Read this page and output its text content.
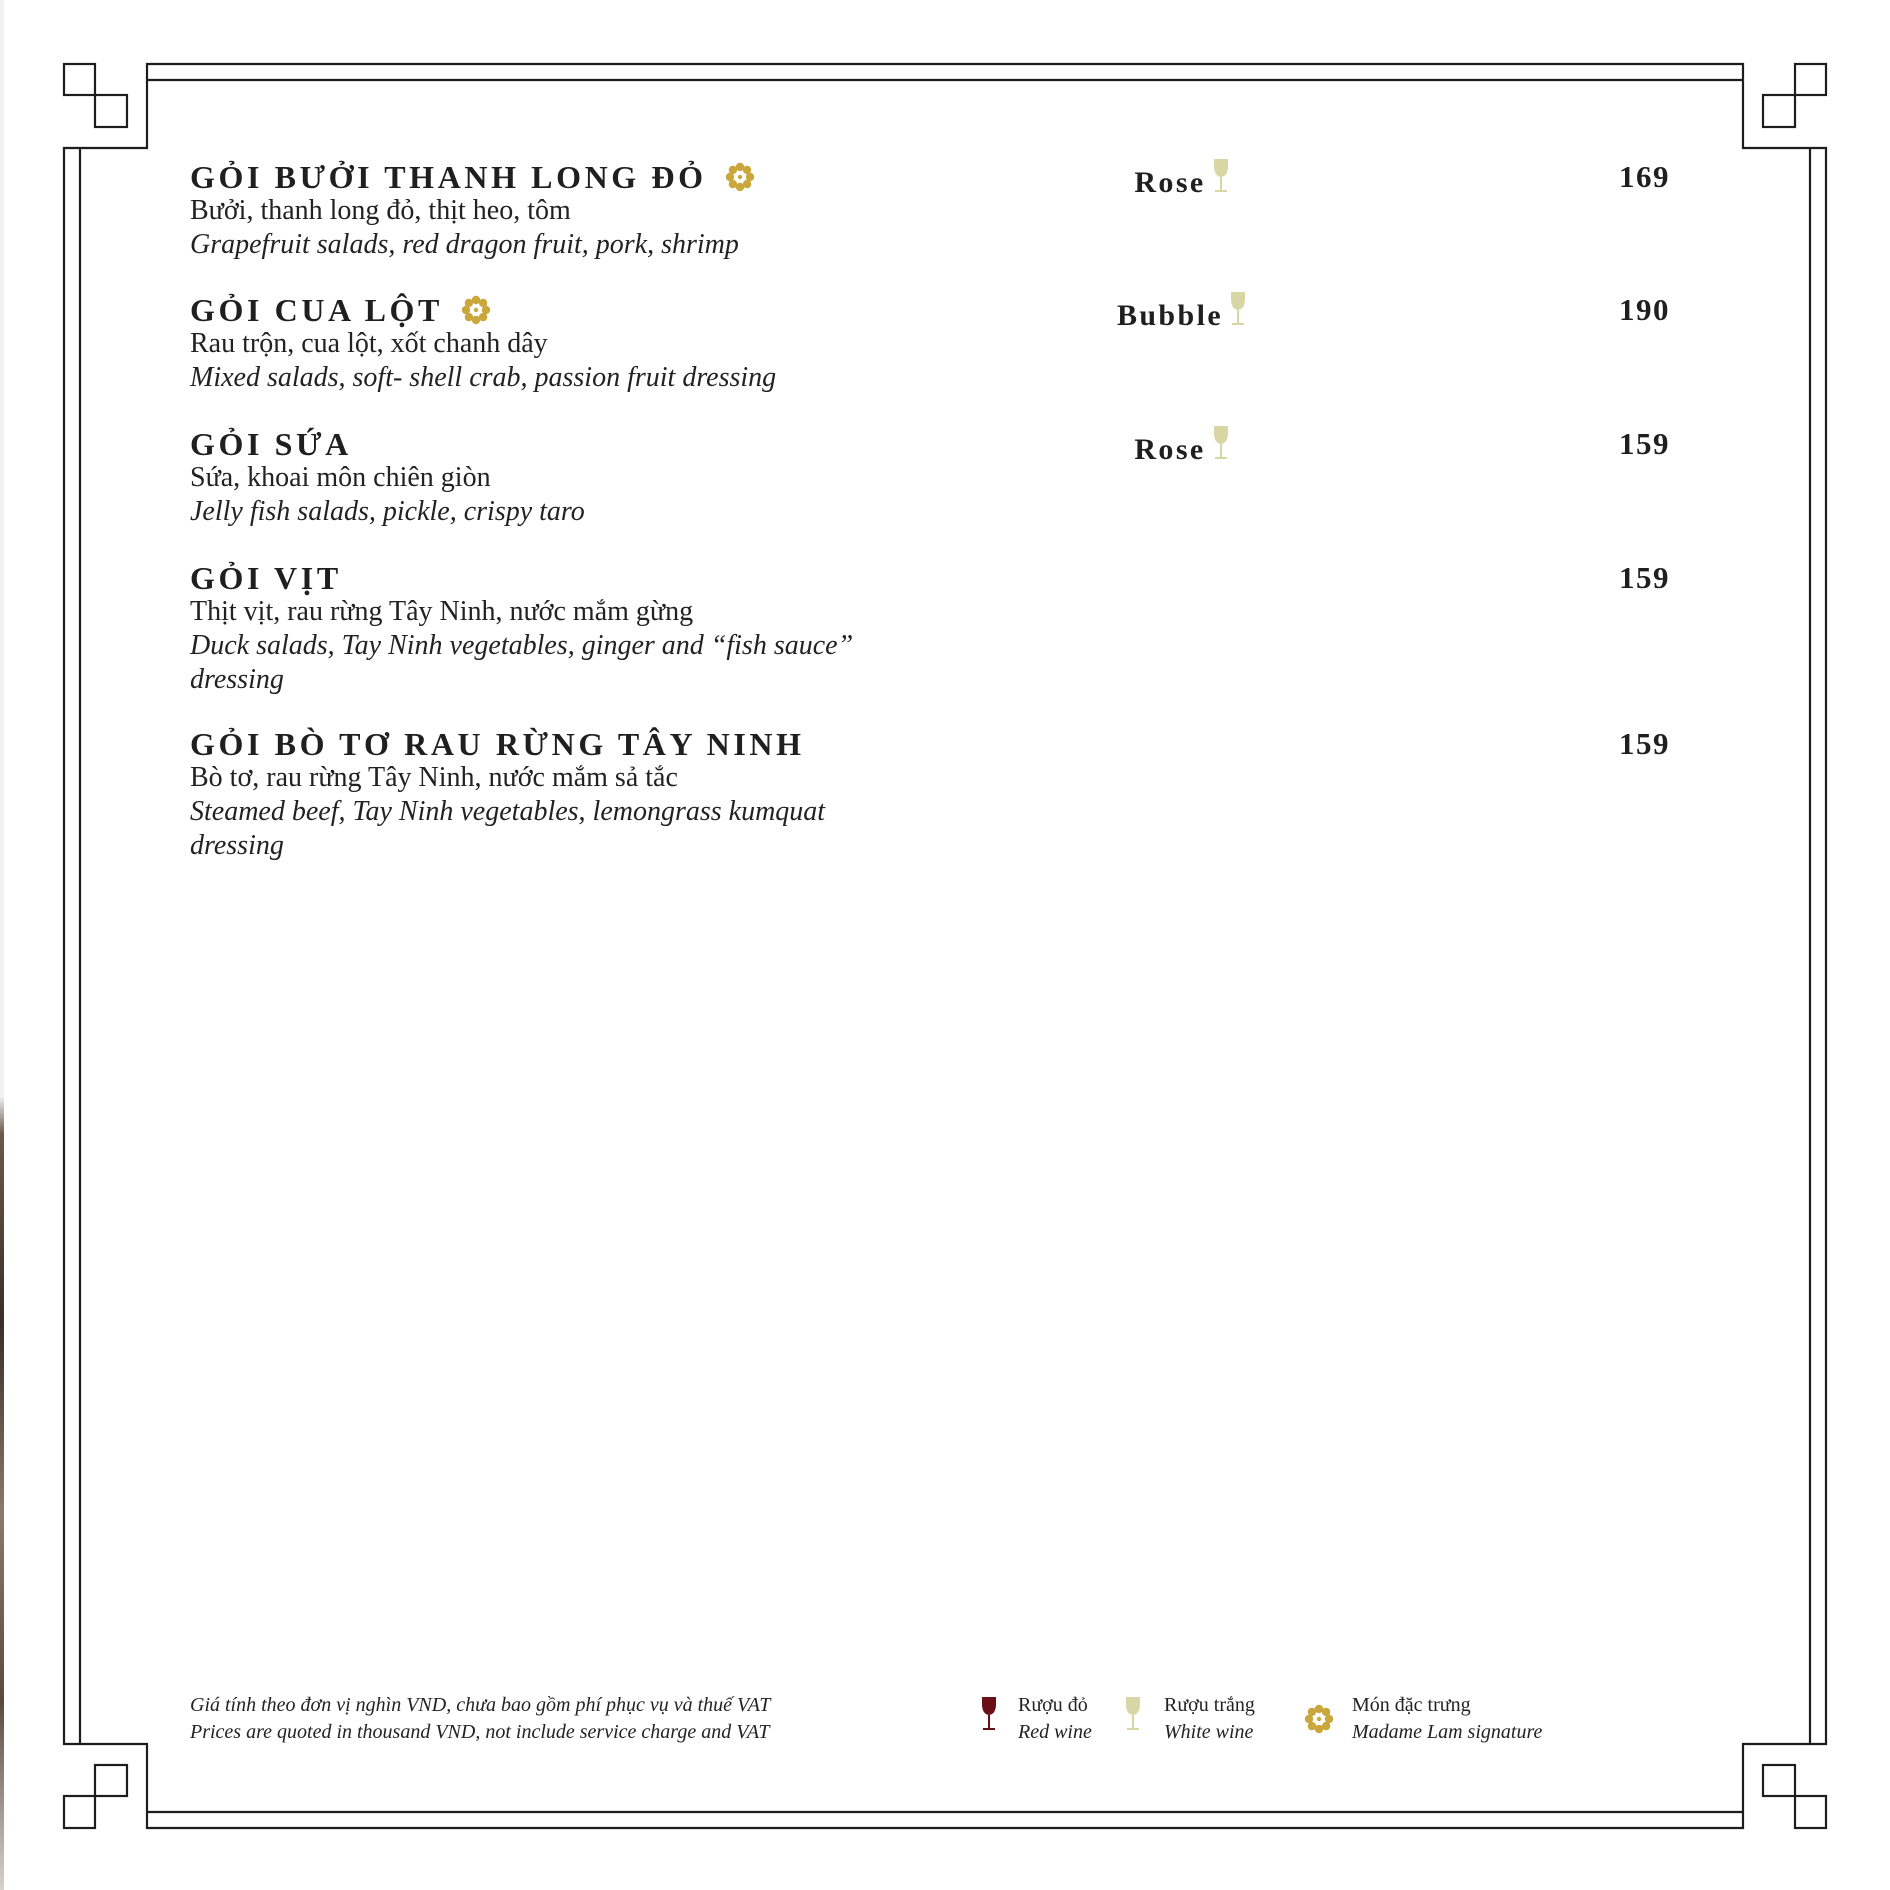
GỎI BƯỞI THANH LONG ĐỎ
Bưởi, thanh long đỏ, thịt heo, tôm
Grapefruit salads, red dragon fruit, pork, shrimp
Rose	169
GỎI CUA LỘT
Rau trộn, cua lột, xốt chanh dây
Mixed salads, soft- shell crab, passion fruit dressing
Bubble	190
GỎI SỨA
Sứa, khoai môn chiên giòn
Jelly fish salads, pickle, crispy taro
Rose	159
GỎI VỊT
Thịt vịt, rau rừng Tây Ninh, nước mắm gừng
Duck salads, Tay Ninh vegetables, ginger and “fish sauce” dressing
159
GỎI BÒ TƠ RAU RỪNG TÂY NINH
Bò tơ, rau rừng Tây Ninh, nước mắm sả tắc
Steamed beef, Tay Ninh vegetables, lemongrass kumquat dressing
159
Giá tính theo đơn vị nghìn VND, chưa bao gồm phí phục vụ và thuế VAT
Prices are quoted in thousand VND, not include service charge and VAT
Rượu đỏ
Red wine
Rượu trắng
White wine
Món đặc trưng
Madame Lam signature
